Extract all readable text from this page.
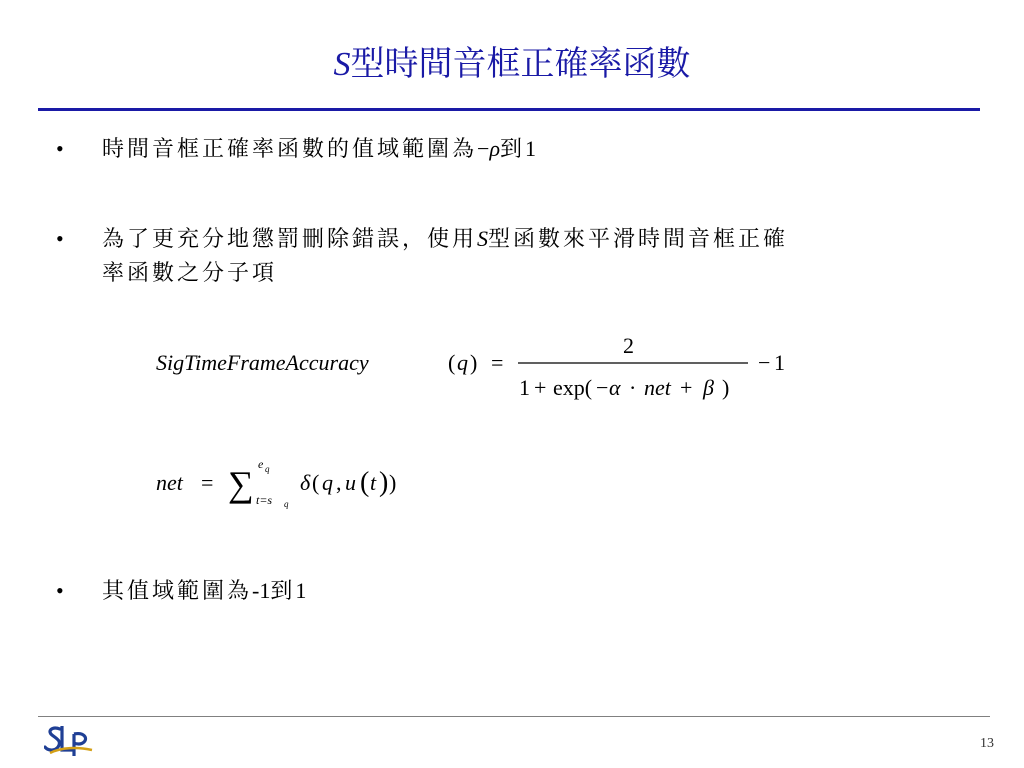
S型時間音框正確率函數
• 時間音框正確率函數的值域範圍為−ρ到1
• 為了更充分地懲罰刪除錯誤，使用S型函數來平滑時間音框正確
率函數之分子項
SigTimeFrameAccuracy	( q ) =
2
1 + exp( − α · net + β )
− 1
net = ∑ e q
t=s q
δ ( q , u ( t ) )
• 其值域範圍為-1到1
13
